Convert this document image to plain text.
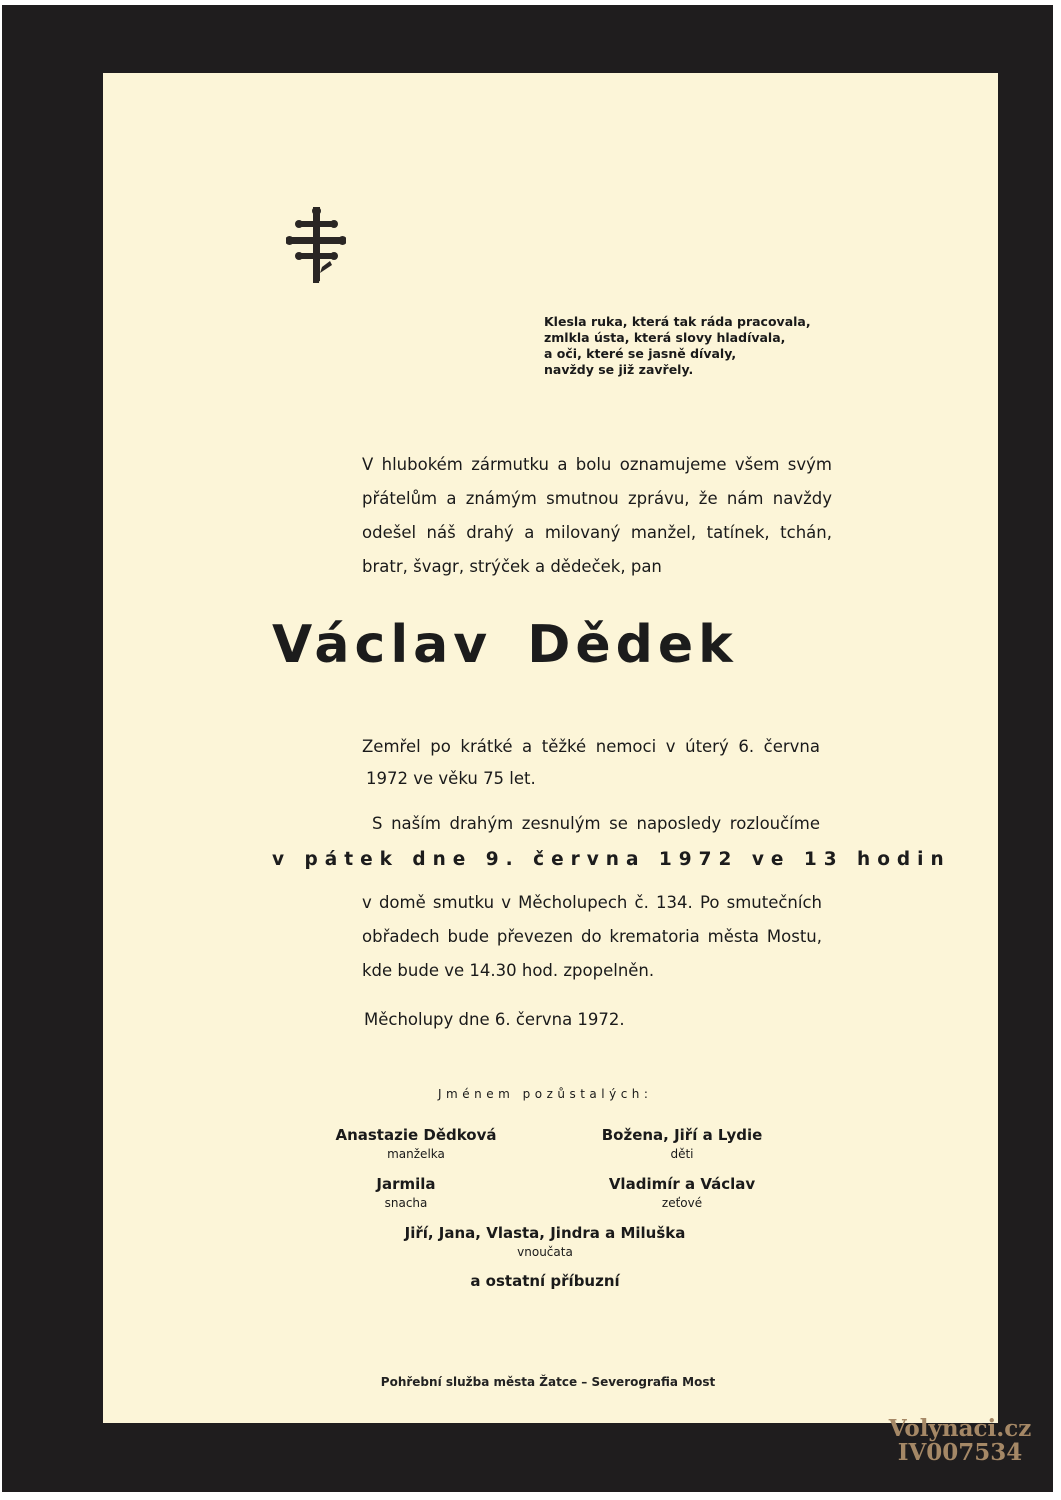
Klesla ruka, která tak ráda pracovala,
zmlkla ústa, která slovy hladívala,
a oči, které se jasně dívaly,
navždy se již zavřely.
V hlubokém zármutku a bolu oznamujeme všem svým
přátelům a známým smutnou zprávu, že nám navždy
odešel náš drahý a milovaný manžel, tatínek, tchán,
bratr, švagr, strýček a dědeček, pan
Václav Dědek
Zemřel po krátké a těžké nemoci v úterý 6. června
1972 ve věku 75 let.
S naším drahým zesnulým se naposledy rozloučíme
v pátek dne 9. června 1972 ve 13 hodin
v domě smutku v Měcholupech č. 134. Po smutečních
obřadech bude převezen do krematoria města Mostu,
kde bude ve 14.30 hod. zpopelněn.
Měcholupy dne 6. června 1972.
Jménem pozůstalých:
Anastazie Dědková
manželka
Božena, Jiří a Lydie
děti
Jarmila
snacha
Vladimír a Václav
zeťové
Jiří, Jana, Vlasta, Jindra a Miluška
vnoučata
a ostatní příbuzní
Pohřební služba města Žatce – Severografia Most
Volynaci.cz
IV007534
